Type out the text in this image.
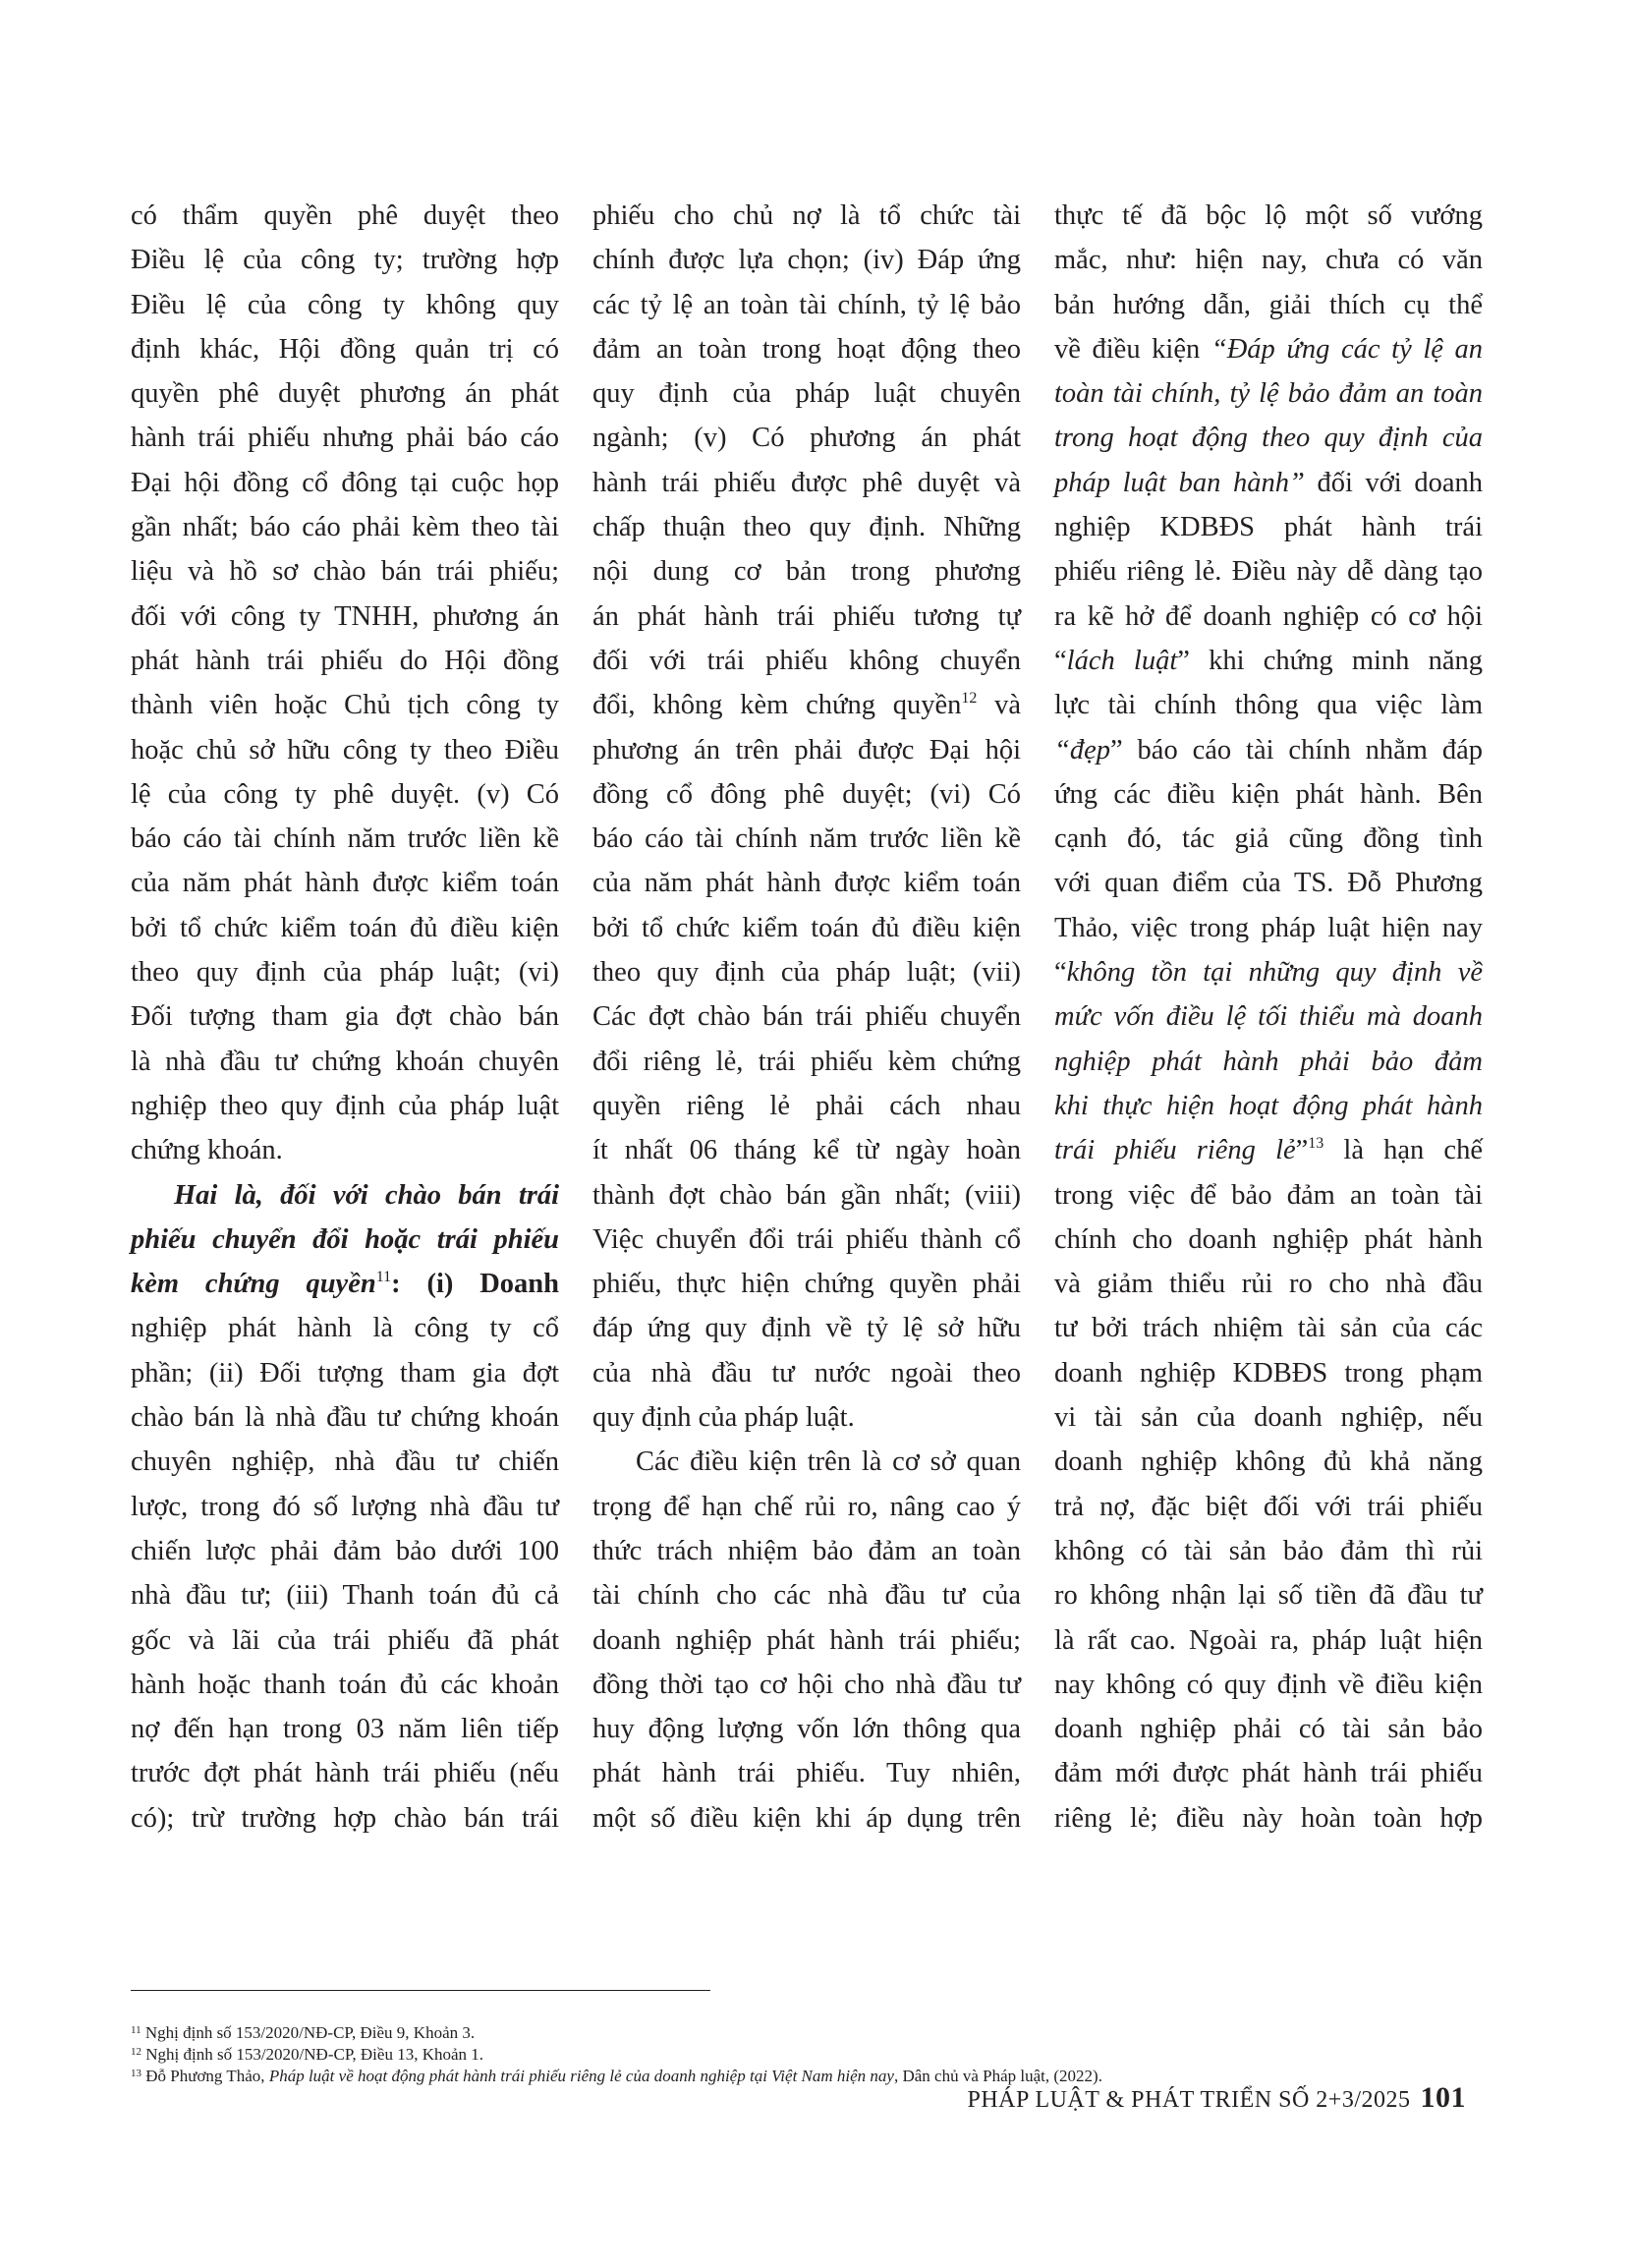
có thẩm quyền phê duyệt theo
Điều lệ của công ty; trường hợp
Điều lệ của công ty không quy
định khác, Hội đồng quản trị có
quyền phê duyệt phương án phát
hành trái phiếu nhưng phải báo cáo
Đại hội đồng cổ đông tại cuộc họp
gần nhất; báo cáo phải kèm theo tài
liệu và hồ sơ chào bán trái phiếu;
đối với công ty TNHH, phương án
phát hành trái phiếu do Hội đồng
thành viên hoặc Chủ tịch công ty
hoặc chủ sở hữu công ty theo Điều
lệ của công ty phê duyệt. (v) Có
báo cáo tài chính năm trước liền kề
của năm phát hành được kiểm toán
bởi tổ chức kiểm toán đủ điều kiện
theo quy định của pháp luật; (vi)
Đối tượng tham gia đợt chào bán
là nhà đầu tư chứng khoán chuyên
nghiệp theo quy định của pháp luật
chứng khoán.
Hai là, đối với chào bán trái
phiếu chuyển đổi hoặc trái phiếu
kèm chứng quyền$^{11}$: (i) Doanh
nghiệp phát hành là công ty cổ
phần; (ii) Đối tượng tham gia đợt
chào bán là nhà đầu tư chứng khoán
chuyên nghiệp, nhà đầu tư chiến
lược, trong đó số lượng nhà đầu tư
chiến lược phải đảm bảo dưới 100
nhà đầu tư; (iii) Thanh toán đủ cả
gốc và lãi của trái phiếu đã phát
hành hoặc thanh toán đủ các khoản
nợ đến hạn trong 03 năm liên tiếp
trước đợt phát hành trái phiếu (nếu
có); trừ trường hợp chào bán trái
phiếu cho chủ nợ là tổ chức tài
chính được lựa chọn; (iv) Đáp ứng
các tỷ lệ an toàn tài chính, tỷ lệ bảo
đảm an toàn trong hoạt động theo
quy định của pháp luật chuyên
ngành; (v) Có phương án phát
hành trái phiếu được phê duyệt và
chấp thuận theo quy định. Những
nội dung cơ bản trong phương
án phát hành trái phiếu tương tự
đối với trái phiếu không chuyển
đổi, không kèm chứng quyền$^{12}$ và
phương án trên phải được Đại hội
đồng cổ đông phê duyệt; (vi) Có
báo cáo tài chính năm trước liền kề
của năm phát hành được kiểm toán
bởi tổ chức kiểm toán đủ điều kiện
theo quy định của pháp luật; (vii)
Các đợt chào bán trái phiếu chuyển
đổi riêng lẻ, trái phiếu kèm chứng
quyền riêng lẻ phải cách nhau
ít nhất 06 tháng kể từ ngày hoàn
thành đợt chào bán gần nhất; (viii)
Việc chuyển đổi trái phiếu thành cổ
phiếu, thực hiện chứng quyền phải
đáp ứng quy định về tỷ lệ sở hữu
của nhà đầu tư nước ngoài theo
quy định của pháp luật.
Các điều kiện trên là cơ sở quan
trọng để hạn chế rủi ro, nâng cao ý
thức trách nhiệm bảo đảm an toàn
tài chính cho các nhà đầu tư của
doanh nghiệp phát hành trái phiếu;
đồng thời tạo cơ hội cho nhà đầu tư
huy động lượng vốn lớn thông qua
phát hành trái phiếu. Tuy nhiên,
một số điều kiện khi áp dụng trên
thực tế đã bộc lộ một số vướng
mắc, như: hiện nay, chưa có văn
bản hướng dẫn, giải thích cụ thể
về điều kiện “Đáp ứng các tỷ lệ an
toàn tài chính, tỷ lệ bảo đảm an toàn
trong hoạt động theo quy định của
pháp luật ban hành” đối với doanh
nghiệp KDBĐS phát hành trái
phiếu riêng lẻ. Điều này dễ dàng tạo
ra kẽ hở để doanh nghiệp có cơ hội
“lách luật” khi chứng minh năng
lực tài chính thông qua việc làm
“đẹp” báo cáo tài chính nhằm đáp
ứng các điều kiện phát hành. Bên
cạnh đó, tác giả cũng đồng tình
với quan điểm của TS. Đỗ Phương
Thảo, việc trong pháp luật hiện nay
“không tồn tại những quy định về
mức vốn điều lệ tối thiểu mà doanh
nghiệp phát hành phải bảo đảm
khi thực hiện hoạt động phát hành
trái phiếu riêng lẻ”$^{13}$ là hạn chế
trong việc để bảo đảm an toàn tài
chính cho doanh nghiệp phát hành
và giảm thiểu rủi ro cho nhà đầu
tư bởi trách nhiệm tài sản của các
doanh nghiệp KDBĐS trong phạm
vi tài sản của doanh nghiệp, nếu
doanh nghiệp không đủ khả năng
trả nợ, đặc biệt đối với trái phiếu
không có tài sản bảo đảm thì rủi
ro không nhận lại số tiền đã đầu tư
là rất cao. Ngoài ra, pháp luật hiện
nay không có quy định về điều kiện
doanh nghiệp phải có tài sản bảo
đảm mới được phát hành trái phiếu
riêng lẻ; điều này hoàn toàn hợp
$^{11}$ Nghị định số 153/2020/NĐ-CP, Điều 9, Khoản 3.
$^{12}$ Nghị định số 153/2020/NĐ-CP, Điều 13, Khoản 1.
$^{13}$ Đỗ Phương Thảo, Pháp luật về hoạt động phát hành trái phiếu riêng lẻ của doanh nghiệp tại Việt Nam hiện nay, Dân chủ và Pháp luật, (2022).
PHÁP LUẬT & PHÁT TRIỂN SỐ 2+3/2025 101
